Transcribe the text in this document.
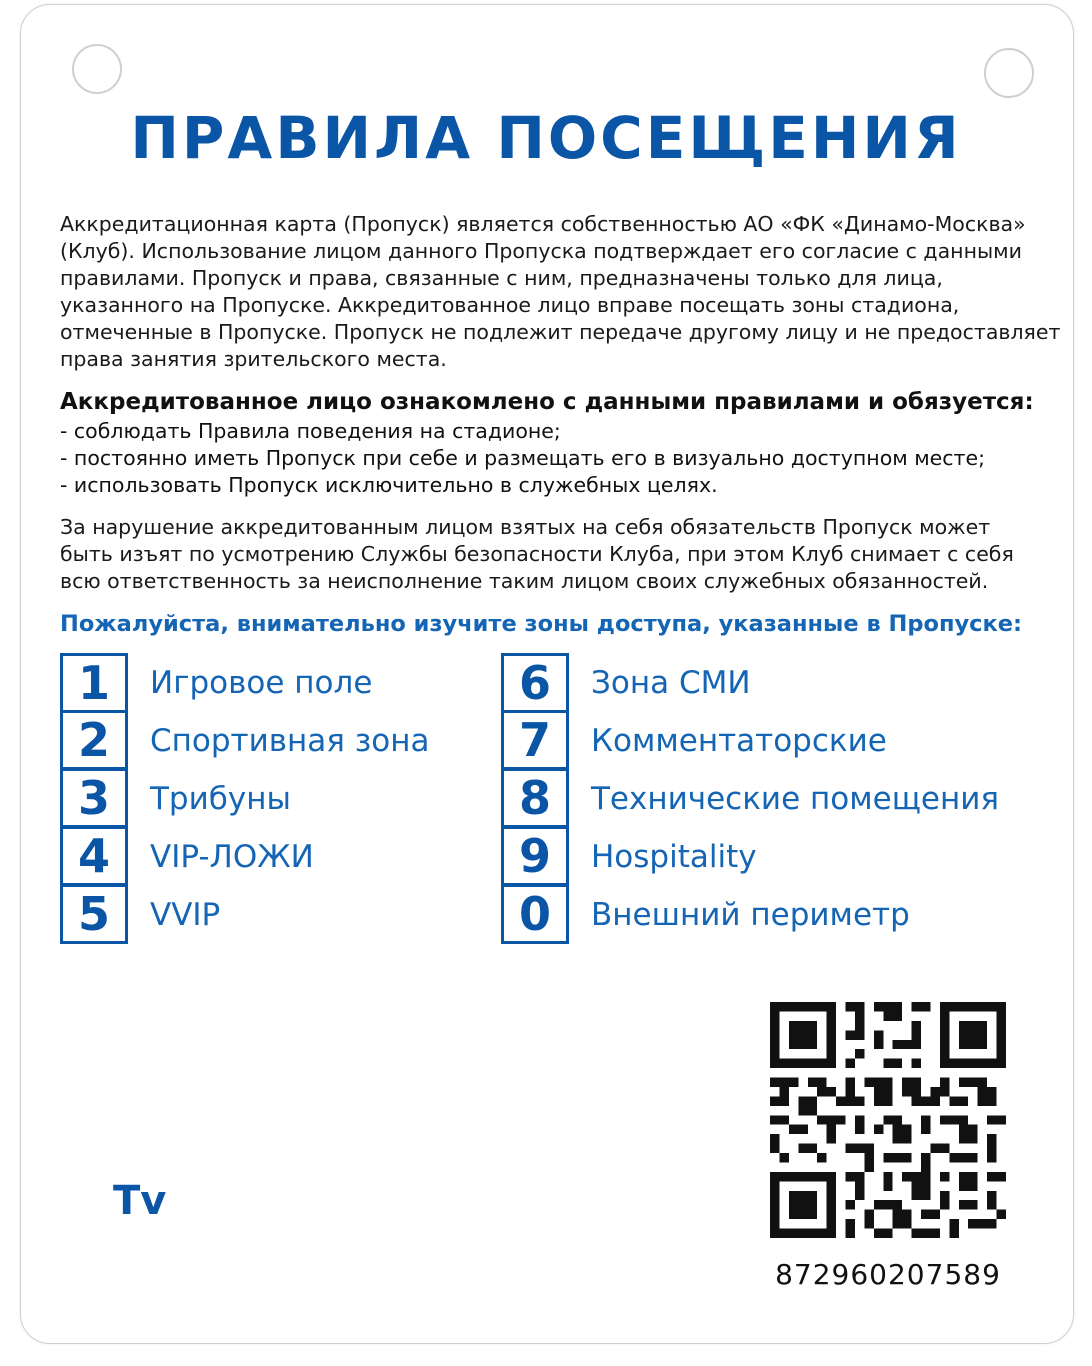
ПРАВИЛА ПОСЕЩЕНИЯ
Аккредитационная карта (Пропуск) является собственностью АО «ФК «Динамо-Москва»
(Клуб). Использование лицом данного Пропуска подтверждает его согласие с данными
правилами. Пропуск и права, связанные с ним, предназначены только для лица,
указанного на Пропуске. Аккредитованное лицо вправе посещать зоны стадиона,
отмеченные в Пропуске. Пропуск не подлежит передаче другому лицу и не предоставляет
права занятия зрительского места.
Аккредитованное лицо ознакомлено с данными правилами и обязуется:
- соблюдать Правила поведения на стадионе;
- постоянно иметь Пропуск при себе и размещать его в визуально доступном месте;
- использовать Пропуск исключительно в служебных целях.
За нарушение аккредитованным лицом взятых на себя обязательств Пропуск может
быть изъят по усмотрению Службы безопасности Клуба, при этом Клуб снимает с себя
всю ответственность за неисполнение таким лицом своих служебных обязанностей.
Пожалуйста, внимательно изучите зоны доступа, указанные в Пропуске:
1	Игровое поле
2	Спортивная зона
3	Трибуны
4	VIP-ЛОЖИ
5	VVIP
6	Зона СМИ
7	Комментаторские
8	Технические помещения
9	Hospitality
0	Внешний периметр
Tv
872960207589
